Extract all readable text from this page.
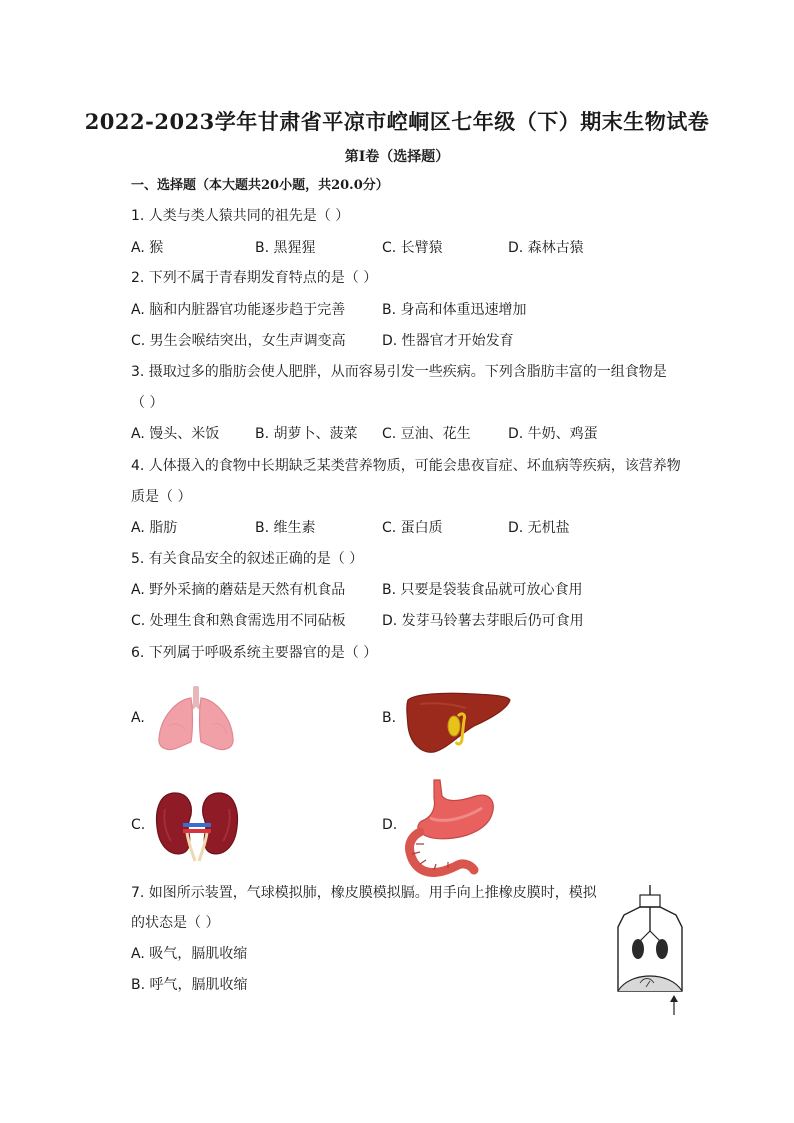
2022-2023学年甘肃省平凉市崆峒区七年级（下）期末生物试卷
第I卷（选择题）
一、选择题（本大题共20小题，共20.0分）
1. 人类与类人猿共同的祖先是（ ）
A. 猴	B. 黑猩猩	C. 长臂猿	D. 森林古猿
2. 下列不属于青春期发育特点的是（ ）
A. 脑和内脏器官功能逐步趋于完善	B. 身高和体重迅速增加
C. 男生会喉结突出，女生声调变高	D. 性器官才开始发育
3. 摄取过多的脂肪会使人肥胖，从而容易引发一些疾病。下列含脂肪丰富的一组食物是
（ ）
A. 馒头、米饭	B. 胡萝卜、菠菜 C. 豆油、花生	D. 牛奶、鸡蛋
4. 人体摄入的食物中长期缺乏某类营养物质，可能会患夜盲症、坏血病等疾病，该营养物
质是（ ）
A. 脂肪	B. 维生素	C. 蛋白质	D. 无机盐
5. 有关食品安全的叙述正确的是（ ）
A. 野外采摘的蘑菇是天然有机食品	B. 只要是袋装食品就可放心食用
C. 处理生食和熟食需选用不同砧板	D. 发芽马铃薯去芽眼后仍可食用
6. 下列属于呼吸系统主要器官的是（ ）
A.	B.
C.	D.
7. 如图所示装置，气球模拟肺，橡皮膜模拟膈。用手向上推橡皮膜时，模拟
的状态是（ ）
A. 吸气，膈肌收缩
B. 呼气，膈肌收缩
